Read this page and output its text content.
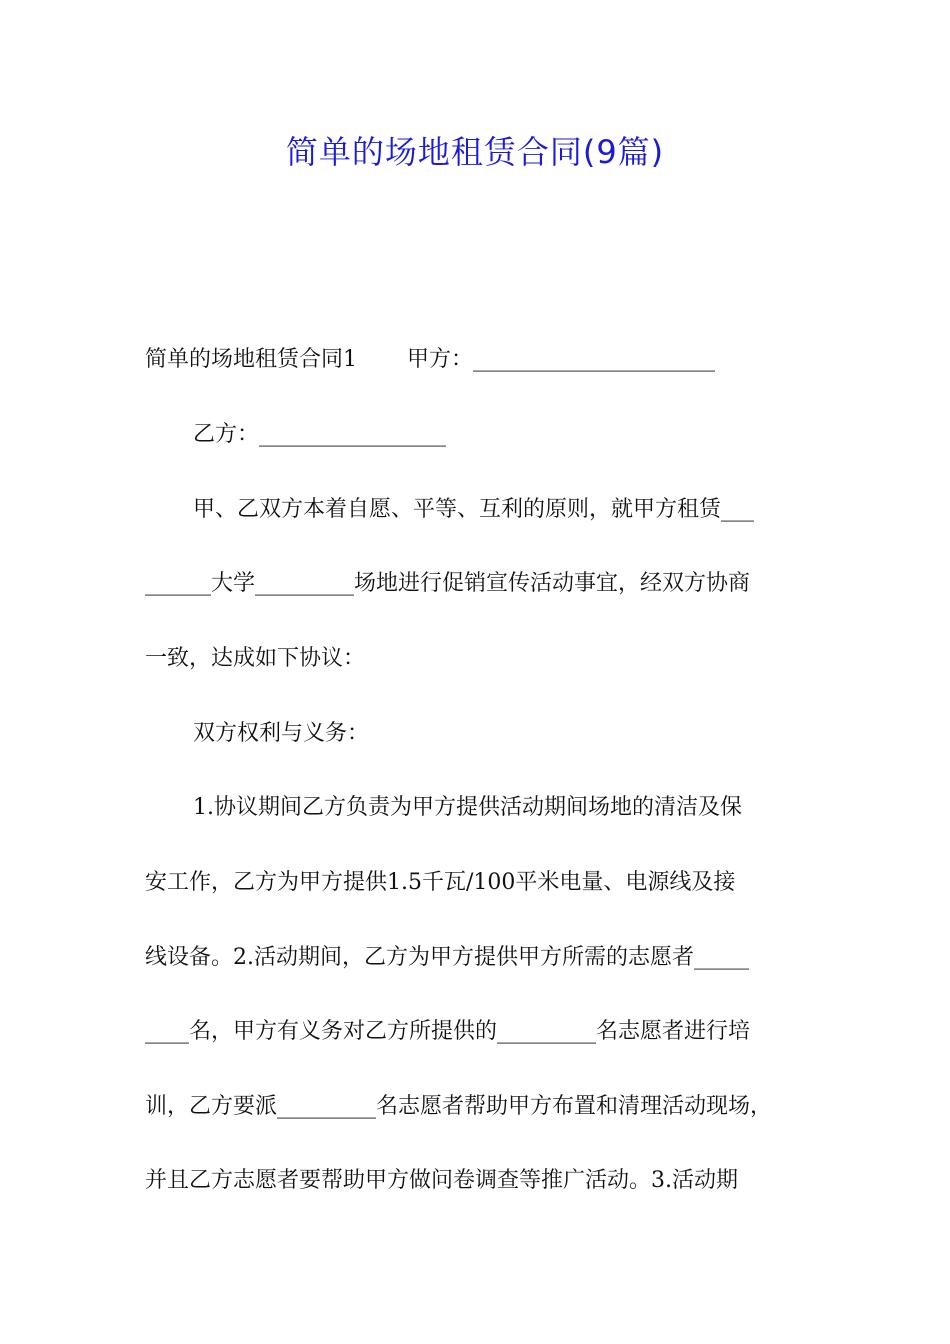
简单的场地租赁合同(9篇)
简单的场地租赁合同1 甲方：______________________
乙方：_________________
甲、乙双方本着自愿、平等、互利的原则，就甲方租赁___
______大学_________场地进行促销宣传活动事宜，经双方协商
一致，达成如下协议：
双方权利与义务：
1.协议期间乙方负责为甲方提供活动期间场地的清洁及保
安工作，乙方为甲方提供1.5千瓦/100平米电量、电源线及接
线设备。2.活动期间，乙方为甲方提供甲方所需的志愿者_____
____名，甲方有义务对乙方所提供的_________名志愿者进行培
训，乙方要派_________名志愿者帮助甲方布置和清理活动现场，
并且乙方志愿者要帮助甲方做问卷调查等推广活动。3.活动期
